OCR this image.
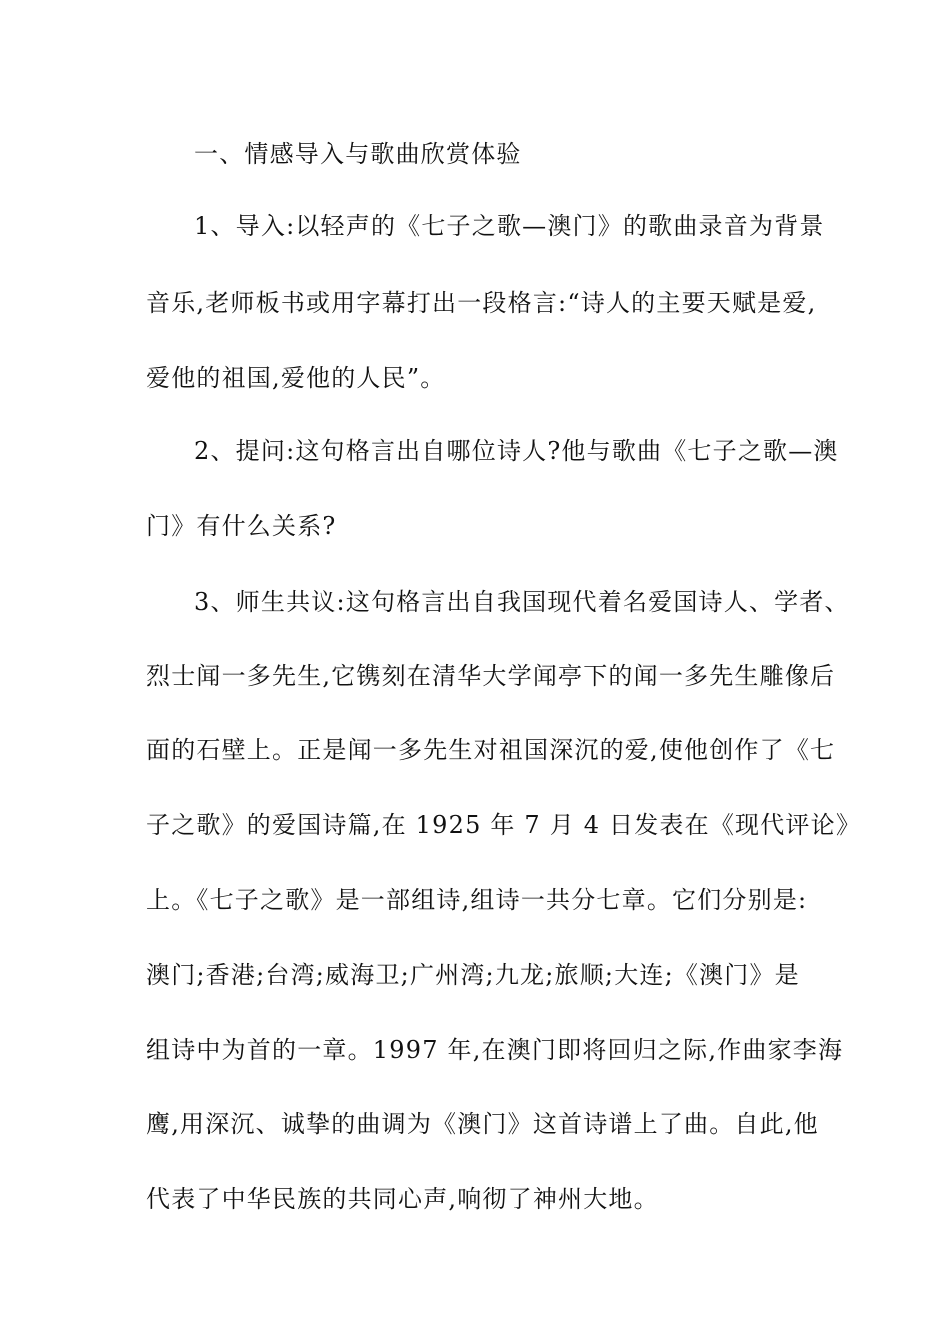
一、情感导入与歌曲欣赏体验
1、导入:以轻声的《七子之歌—澳门》的歌曲录音为背景
音乐,老师板书或用字幕打出一段格言:“诗人的主要天赋是爱,
爱他的祖国,爱他的人民”。
2、提问:这句格言出自哪位诗人?他与歌曲《七子之歌—澳
门》有什么关系?
3、师生共议:这句格言出自我国现代着名爱国诗人、学者、
烈士闻一多先生,它镌刻在清华大学闻亭下的闻一多先生雕像后
面的石壁上。正是闻一多先生对祖国深沉的爱,使他创作了《七
子之歌》的爱国诗篇,在 1925 年 7 月 4 日发表在《现代评论》
上。《七子之歌》是一部组诗,组诗一共分七章。它们分别是:
澳门;香港;台湾;威海卫;广州湾;九龙;旅顺;大连;《澳门》是
组诗中为首的一章。1997 年,在澳门即将回归之际,作曲家李海
鹰,用深沉、诚挚的曲调为《澳门》这首诗谱上了曲。自此,他
代表了中华民族的共同心声,响彻了神州大地。
